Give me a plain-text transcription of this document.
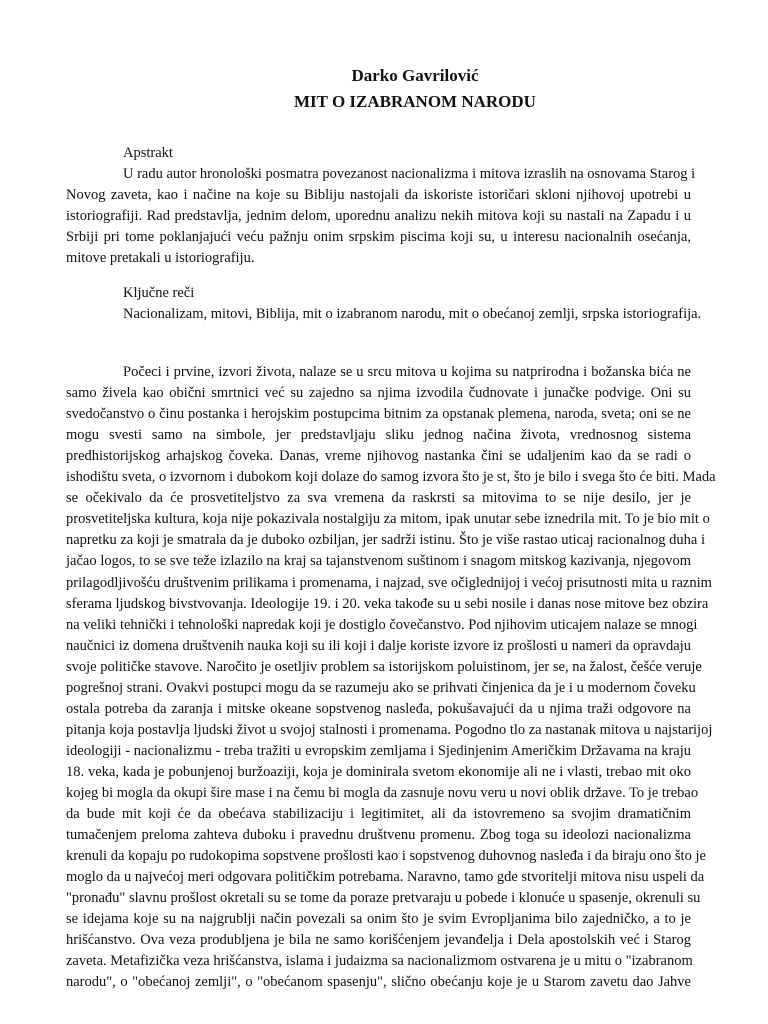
Darko Gavrilović
MIT O IZABRANOM NARODU
Apstrakt
U radu autor hronološki posmatra povezanost nacionalizma i mitova izraslih na osnovama Starog i
Novog zaveta, kao i načine na koje su Bibliju nastojali da iskoriste istoričari skloni njihovoj upotrebi u
istoriografiji. Rad predstavlja, jednim delom, uporednu analizu nekih mitova koji su nastali na Zapadu i u
Srbiji pri tome poklanjajući veću pažnju onim srpskim piscima koji su, u interesu nacionalnih osećanja,
mitove pretakali u istoriografiju.
Ključne reči
Nacionalizam, mitovi, Biblija, mit o izabranom narodu, mit o obećanoj zemlji, srpska istoriografija.
Počeci i prvine, izvori života, nalaze se u srcu mitova u kojima su natprirodna i božanska bića ne
samo živela kao obični smrtnici već su zajedno sa njima izvodila čudnovate i junačke podvige. Oni su
svedočanstvo o činu postanka i herojskim postupcima bitnim za opstanak plemena, naroda, sveta; oni se ne
mogu svesti samo na simbole, jer predstavljaju sliku jednog načina života, vrednosnog sistema
predhistorijskog arhajskog čoveka. Danas, vreme njihovog nastanka čini se udaljenim kao da se radi o
ishodištu sveta, o izvornom i dubokom koji dolaze do samog izvora što je st, što je bilo i svega što će biti. Mada
se očekivalo da će prosvetiteljstvo za sva vremena da raskrsti sa mitovima to se nije desilo, jer je
prosvetiteljska kultura, koja nije pokazivala nostalgiju za mitom, ipak unutar sebe iznedrila mit. To je bio mit o
napretku za koji je smatrala da je duboko ozbiljan, jer sadrži istinu. Što je više rastao uticaj racionalnog duha i
jačao logos, to se sve teže izlazilo na kraj sa tajanstvenom suštinom i snagom mitskog kazivanja, njegovom
prilagodljivošću društvenim prilikama i promenama, i najzad, sve očiglednijoj i većoj prisutnosti mita u raznim
sferama ljudskog bivstvovanja. Ideologije 19. i 20. veka takođe su u sebi nosile i danas nose mitove bez obzira
na veliki tehnički i tehnološki napredak koji je dostiglo čovečanstvo. Pod njihovim uticajem nalaze se mnogi
naučnici iz domena društvenih nauka koji su ili koji i dalje koriste izvore iz prošlosti u nameri da opravdaju
svoje političke stavove. Naročito je osetljiv problem sa istorijskom poluistinom, jer se, na žalost, češće veruje
pogrešnoj strani. Ovakvi postupci mogu da se razumeju ako se prihvati činjenica da je i u modernom čoveku
ostala potreba da zaranja i mitske okeane sopstvenog nasleđa, pokušavajući da u njima traži odgovore na
pitanja koja postavlja ljudski život u svojoj stalnosti i promenama. Pogodno tlo za nastanak mitova u najstarijoj
ideologiji - nacionalizmu - treba tražiti u evropskim zemljama i Sjedinjenim Američkim Državama na kraju
18. veka, kada je pobunjenoj buržoaziji, koja je dominirala svetom ekonomije ali ne i vlasti, trebao mit oko
kojeg bi mogla da okupi šire mase i na čemu bi mogla da zasnuje novu veru u novi oblik države. To je trebao
da bude mit koji će da obećava stabilizaciju i legitimitet, ali da istovremeno sa svojim dramatičnim
tumačenjem preloma zahteva duboku i pravednu društvenu promenu. Zbog toga su ideolozi nacionalizma
krenuli da kopaju po rudokopima sopstvene prošlosti kao i sopstvenog duhovnog nasleđa i da biraju ono što je
moglo da u najvećoj meri odgovara političkim potrebama. Naravno, tamo gde stvoritelji mitova nisu uspeli da
"pronađu" slavnu prošlost okretali su se tome da poraze pretvaraju u pobede i klonuće u spasenje, okrenuli su
se idejama koje su na najgrublji način povezali sa onim što je svim Evropljanima bilo zajedničko, a to je
hrišćanstvo. Ova veza produbljena je bila ne samo korišćenjem jevanđelja i Dela apostolskih već i Starog
zaveta. Metafizička veza hrišćanstva, islama i judaizma sa nacionalizmom ostvarena je u mitu o "izabranom
narodu", o "obećanoj zemlji", o "obećanom spasenju", slično obećanju koje je u Starom zavetu dao Jahve
